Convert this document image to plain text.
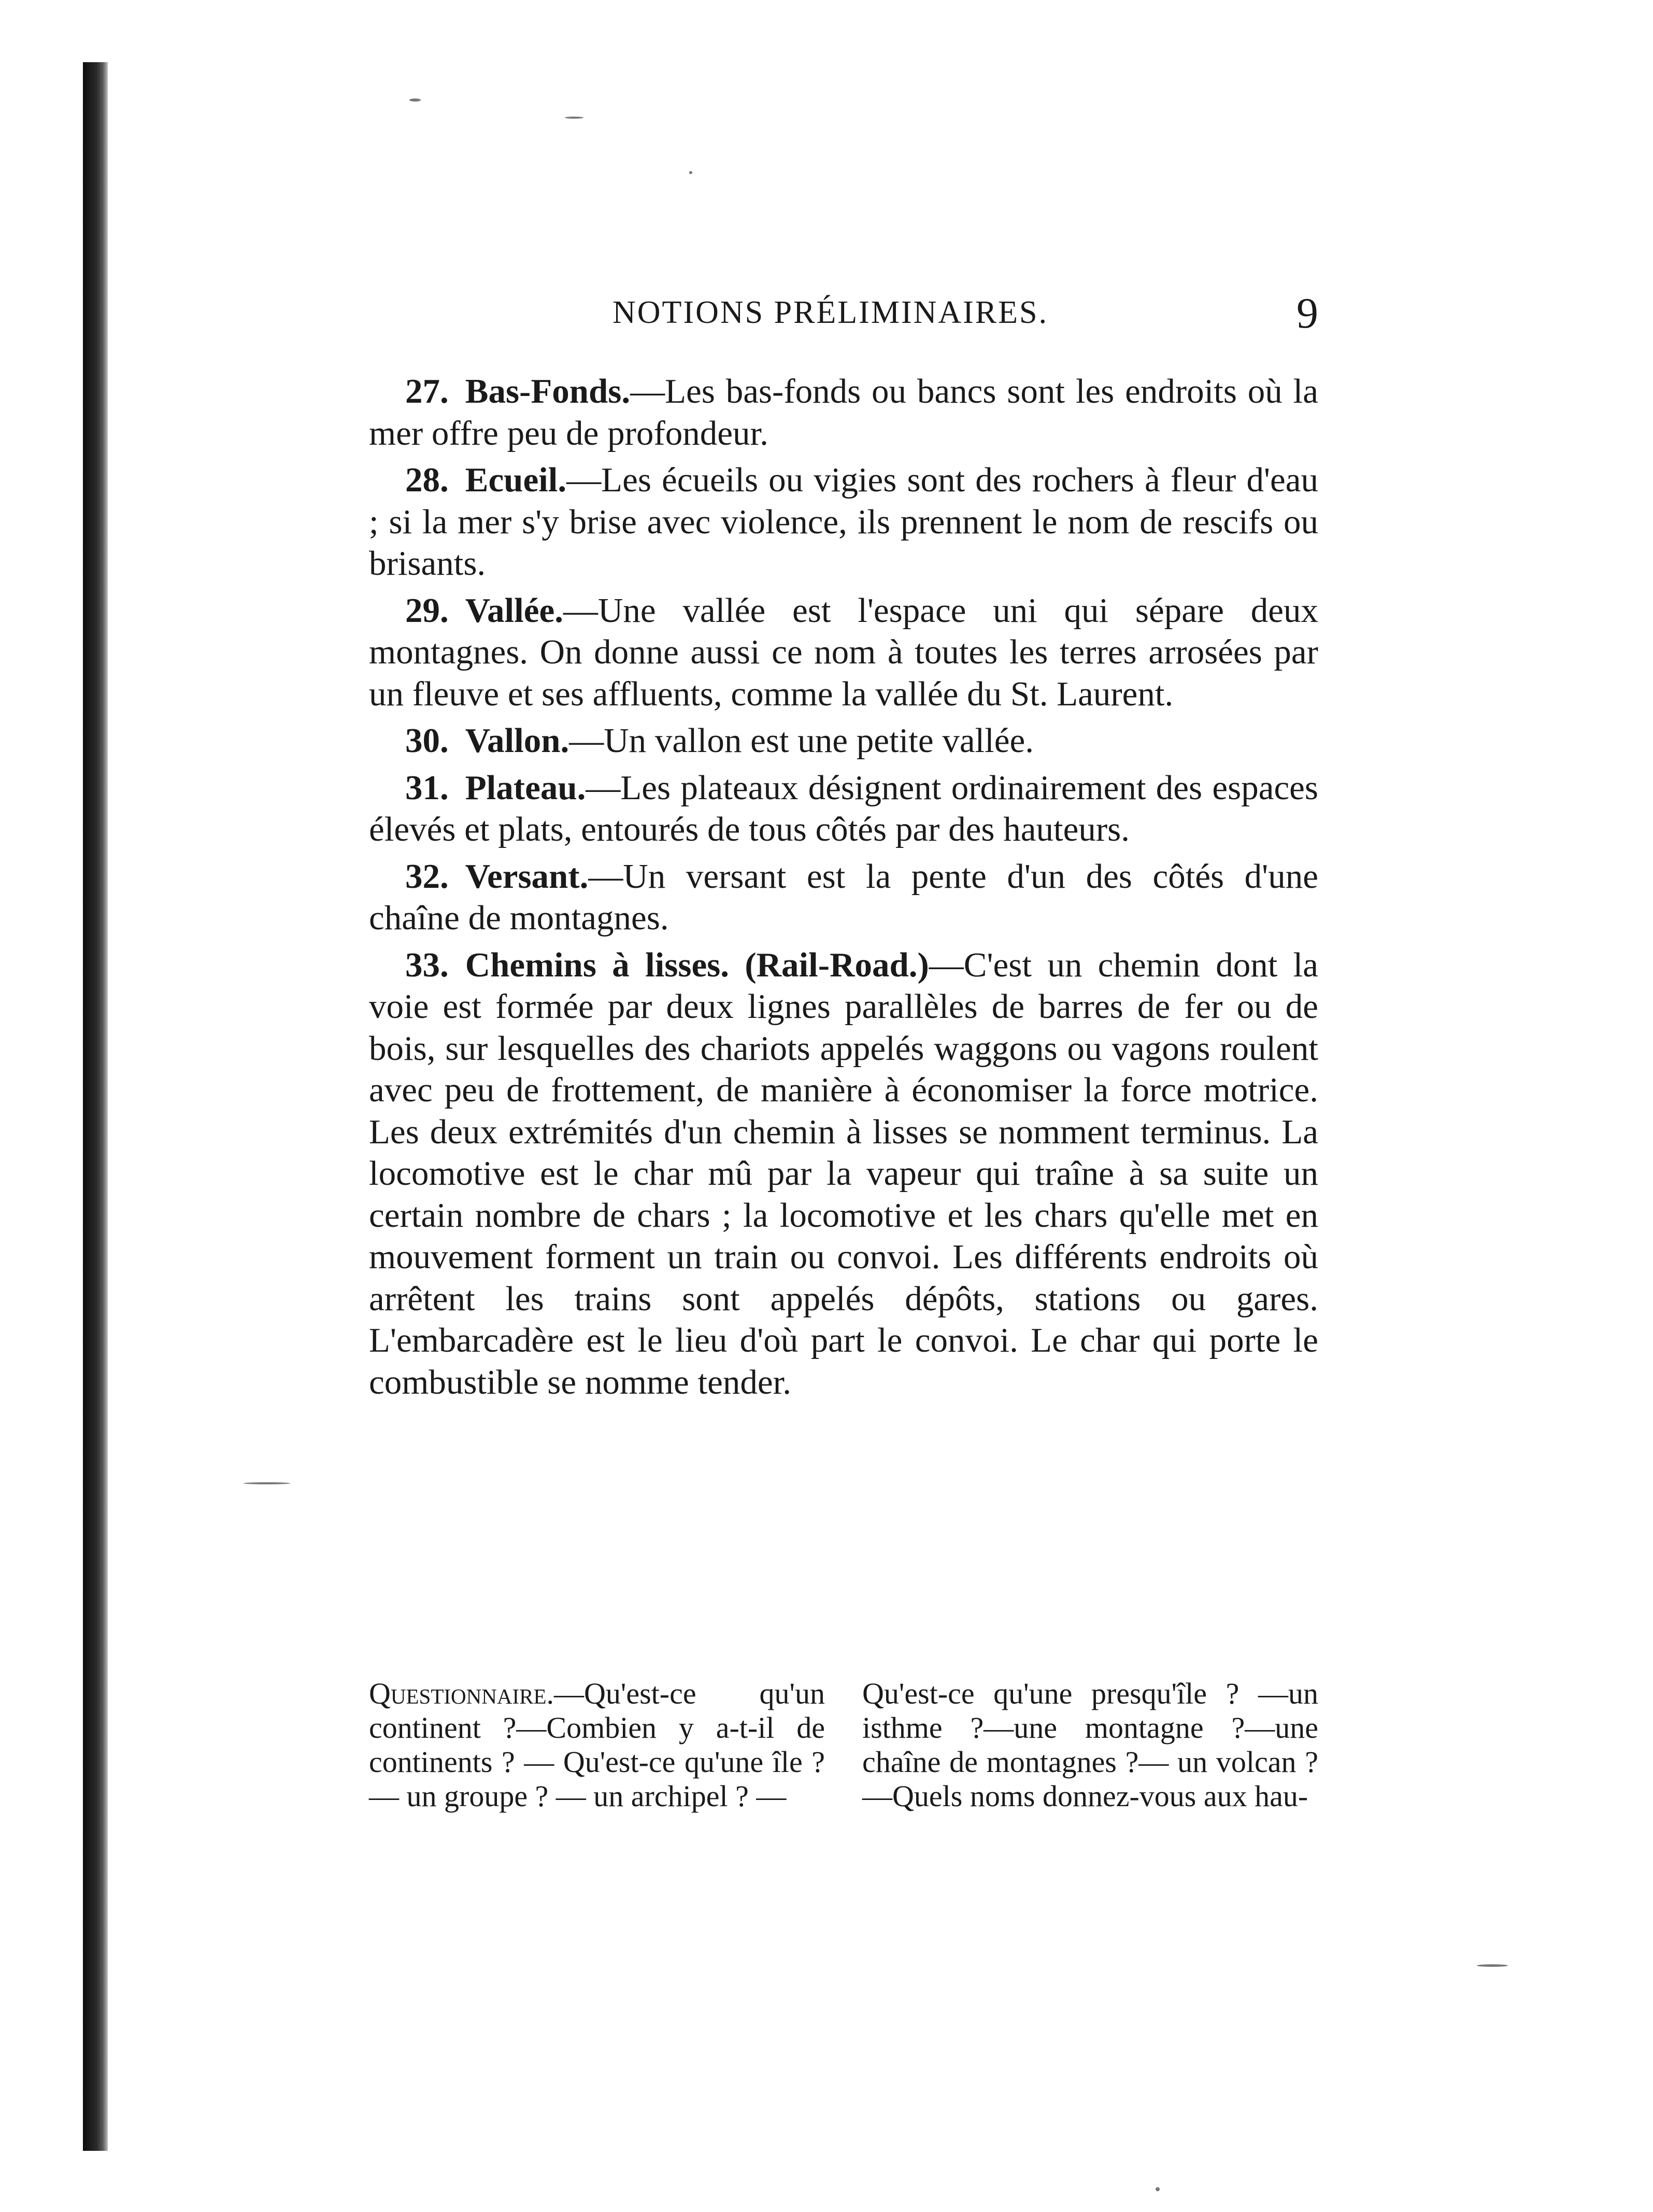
NOTIONS PRÉLIMINAIRES.	9

27. Bas-Fonds.—Les bas-fonds ou bancs sont les endroits où la mer offre peu de profondeur.

28. Ecueil.—Les écueils ou vigies sont des rochers à fleur d'eau ; si la mer s'y brise avec violence, ils prennent le nom de rescifs ou brisants.

29. Vallée.—Une vallée est l'espace uni qui sépare deux montagnes. On donne aussi ce nom à toutes les terres arrosées par un fleuve et ses affluents, comme la vallée du St. Laurent.

30. Vallon.—Un vallon est une petite vallée.

31. Plateau.—Les plateaux désignent ordinairement des espaces élevés et plats, entourés de tous côtés par des hauteurs.

32. Versant.—Un versant est la pente d'un des côtés d'une chaîne de montagnes.

33. Chemins à lisses. (Rail-Road.)—C'est un chemin dont la voie est formée par deux lignes parallèles de barres de fer ou de bois, sur lesquelles des chariots appelés waggons ou vagons roulent avec peu de frottement, de manière à économiser la force motrice. Les deux extrémités d'un chemin à lisses se nomment terminus. La locomotive est le char mû par la vapeur qui traîne à sa suite un certain nombre de chars ; la locomotive et les chars qu'elle met en mouvement forment un train ou convoi. Les différents endroits où arrêtent les trains sont appelés dépôts, stations ou gares. L'embarcadère est le lieu d'où part le convoi. Le char qui porte le combustible se nomme tender.

Questionnaire.—Qu'est-ce qu'un continent ?—Combien y a-t-il de continents ? — Qu'est-ce qu'une île ? — un groupe ? — un archipel ? —
Qu'est-ce qu'une presqu'île ? —un isthme ?—une montagne ?—une chaîne de montagnes ?— un volcan ? —Quels noms donnez-vous aux hau-
